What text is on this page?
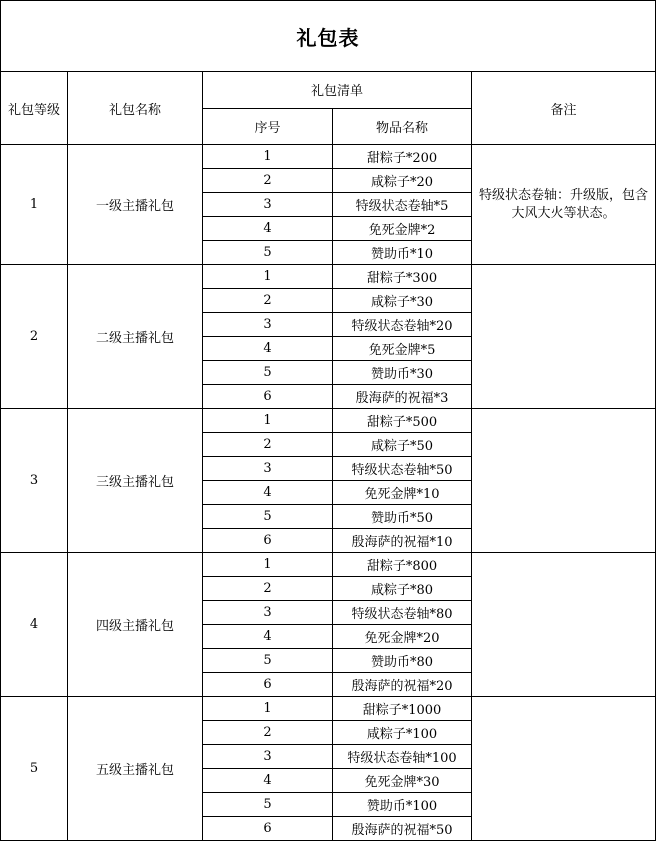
礼包表
礼包等级	礼包名称	礼包清单		备注
		序号	物品名称	
1	一级主播礼包	1	甜粽子*200	特级状态卷轴：升级版，包含大风大火等状态。
		2	咸粽子*20	
		3	特级状态卷轴*5	
		4	免死金牌*2	
		5	赞助币*10	
2	二级主播礼包	1	甜粽子*300	
		2	咸粽子*30	
		3	特级状态卷轴*20	
		4	免死金牌*5	
		5	赞助币*30	
		6	殷海萨的祝福*3	
3	三级主播礼包	1	甜粽子*500	
		2	咸粽子*50	
		3	特级状态卷轴*50	
		4	免死金牌*10	
		5	赞助币*50	
		6	殷海萨的祝福*10	
4	四级主播礼包	1	甜粽子*800	
		2	咸粽子*80	
		3	特级状态卷轴*80	
		4	免死金牌*20	
		5	赞助币*80	
		6	殷海萨的祝福*20	
5	五级主播礼包	1	甜粽子*1000	
		2	咸粽子*100	
		3	特级状态卷轴*100	
		4	免死金牌*30	
		5	赞助币*100	
		6	殷海萨的祝福*50	
